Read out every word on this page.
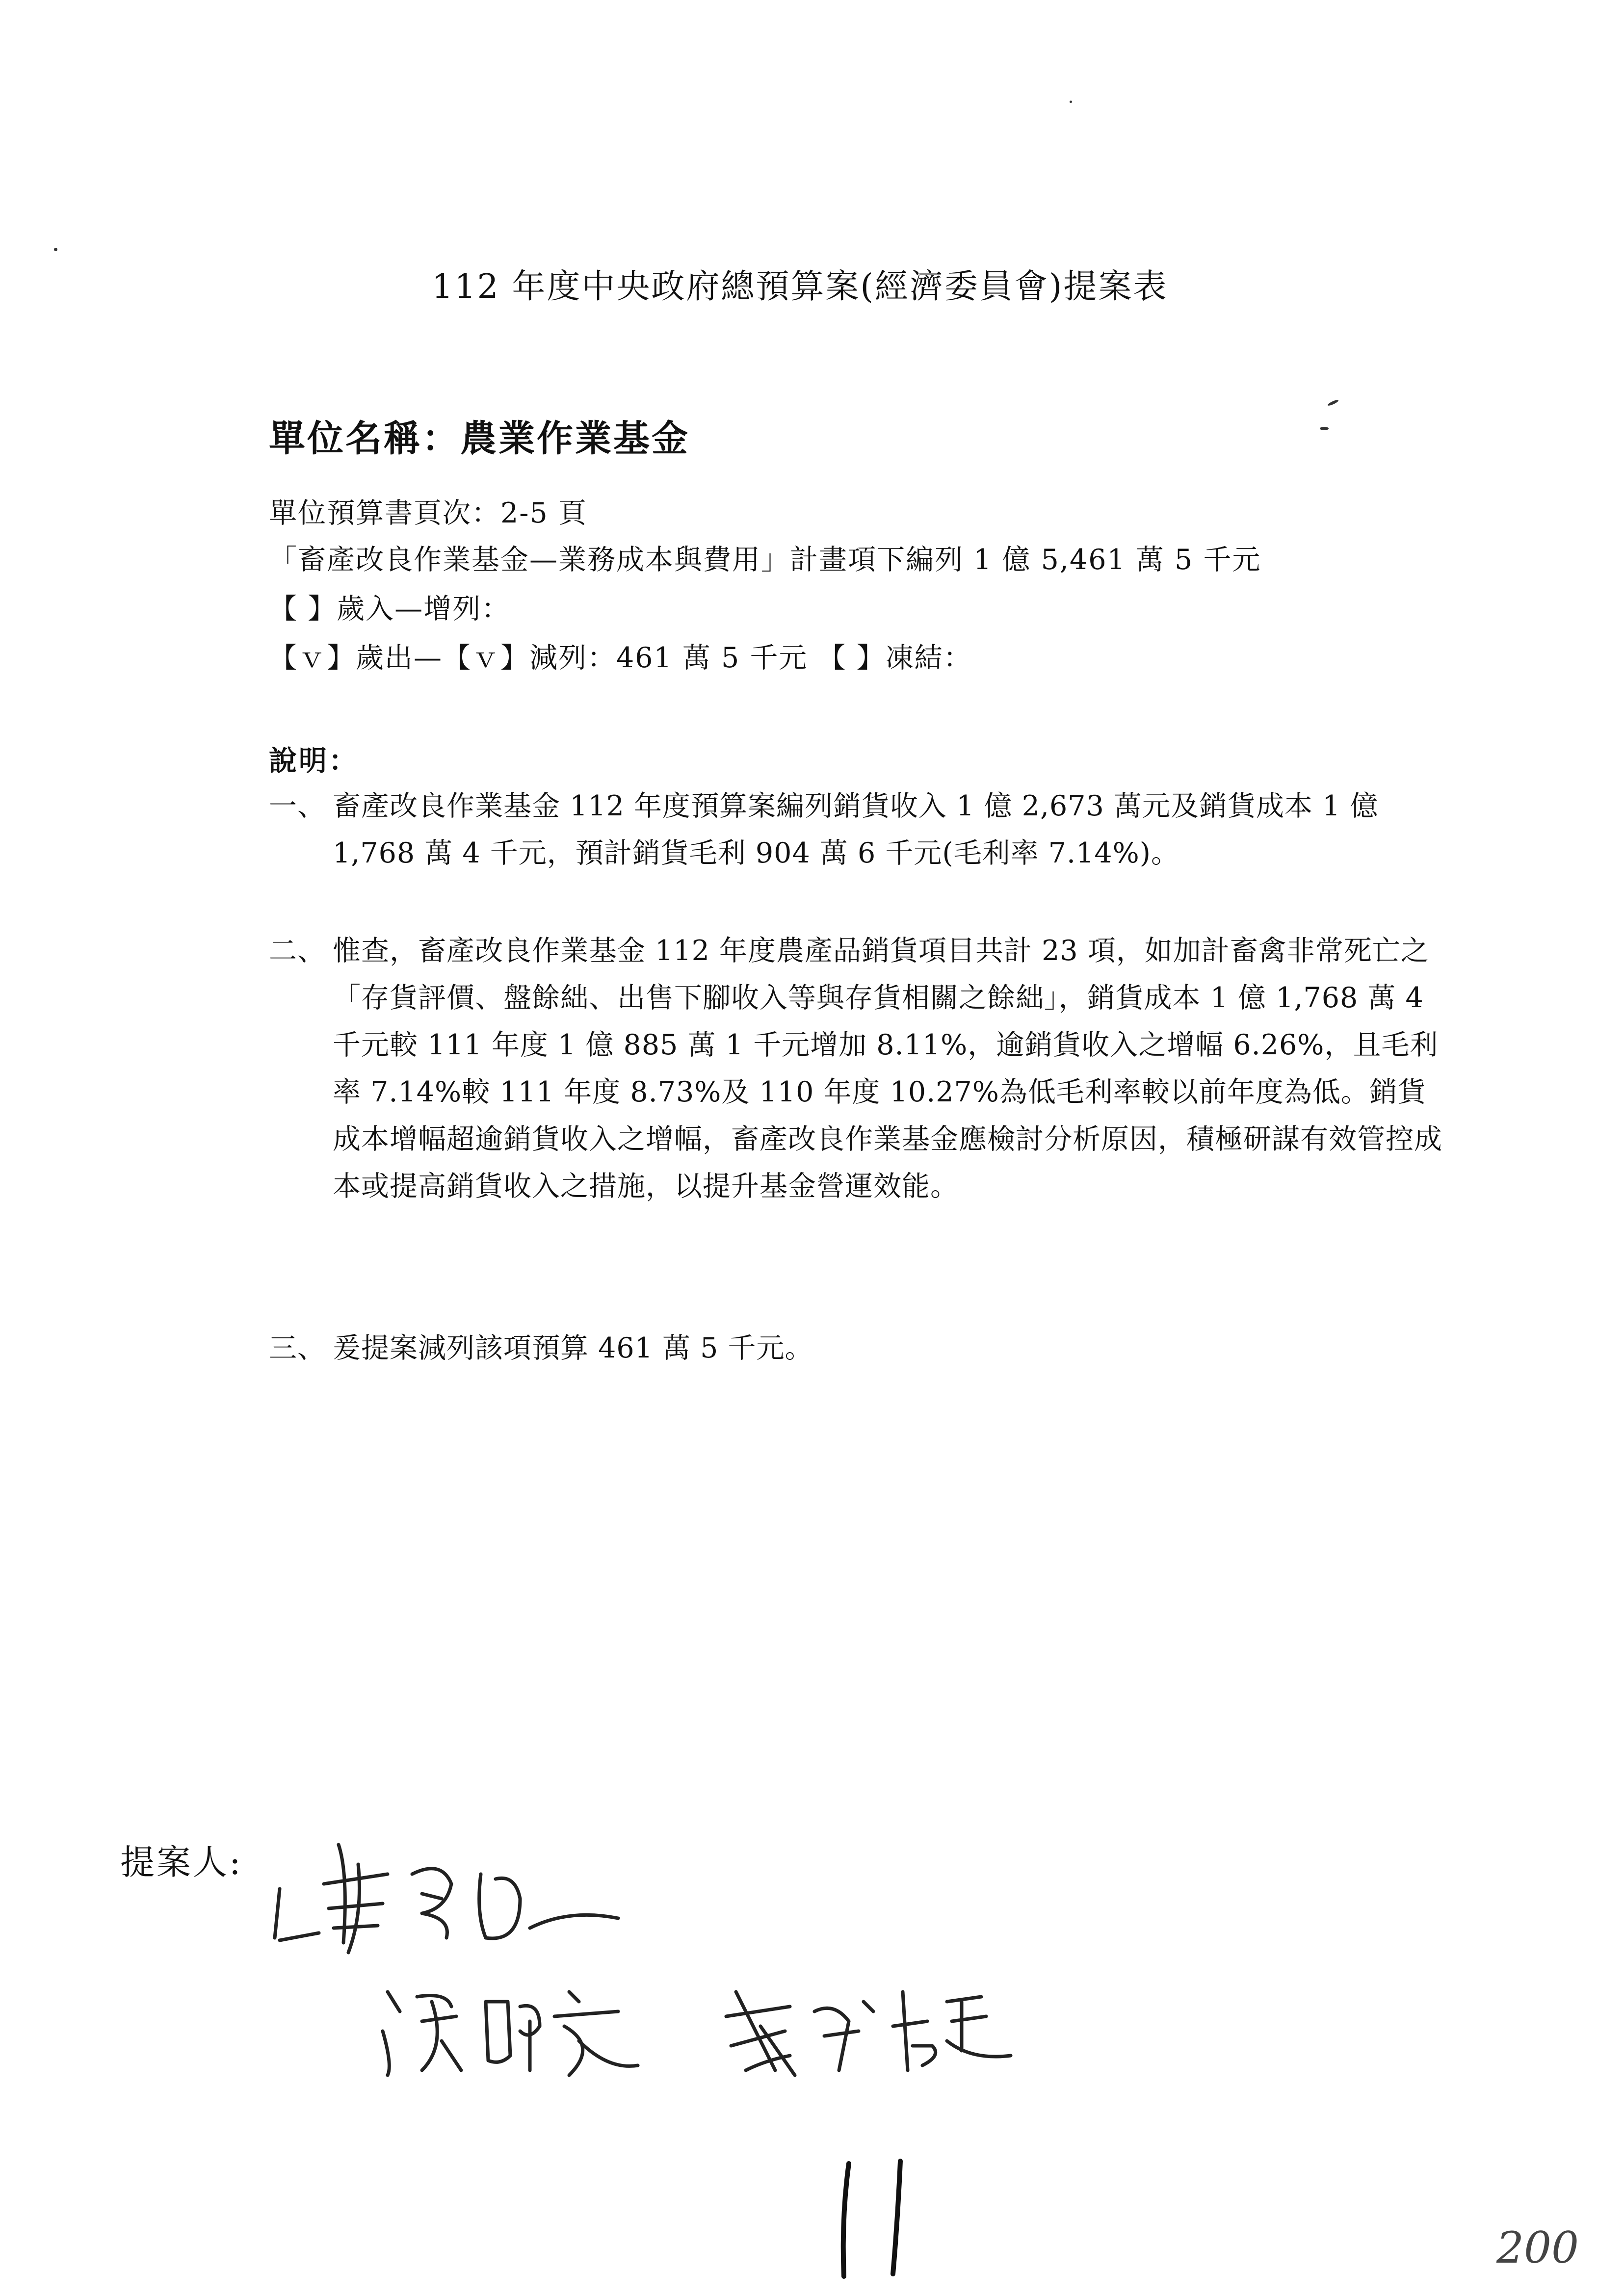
112 年度中央政府總預算案(經濟委員會)提案表
單位名稱：農業作業基金
單位預算書頁次：2-5 頁
「畜產改良作業基金—業務成本與費用」計畫項下編列 1 億 5,461 萬 5 千元
【 】歲入—增列：
【ｖ】歲出—【ｖ】減列：461 萬 5 千元 【 】凍結：
說明：
一、 畜產改良作業基金 112 年度預算案編列銷貨收入 1 億 2,673 萬元及銷貨成本 1 億 1,768 萬 4 千元，預計銷貨毛利 904 萬 6 千元(毛利率 7.14%)。
二、 惟查，畜產改良作業基金 112 年度農產品銷貨項目共計 23 項，如加計畜禽非常死亡之「存貨評價、盤餘絀、出售下腳收入等與存貨相關之餘絀」，銷貨成本 1 億 1,768 萬 4 千元較 111 年度 1 億 885 萬 1 千元增加 8.11%，逾銷貨收入之增幅 6.26%，且毛利率 7.14%較 111 年度 8.73%及 110 年度 10.27%為低毛利率較以前年度為低。銷貨成本增幅超逾銷貨收入之增幅，畜產改良作業基金應檢討分析原因，積極研謀有效管控成本或提高銷貨收入之措施，以提升基金營運效能。
三、 爰提案減列該項預算 461 萬 5 千元。
提案人:
200
